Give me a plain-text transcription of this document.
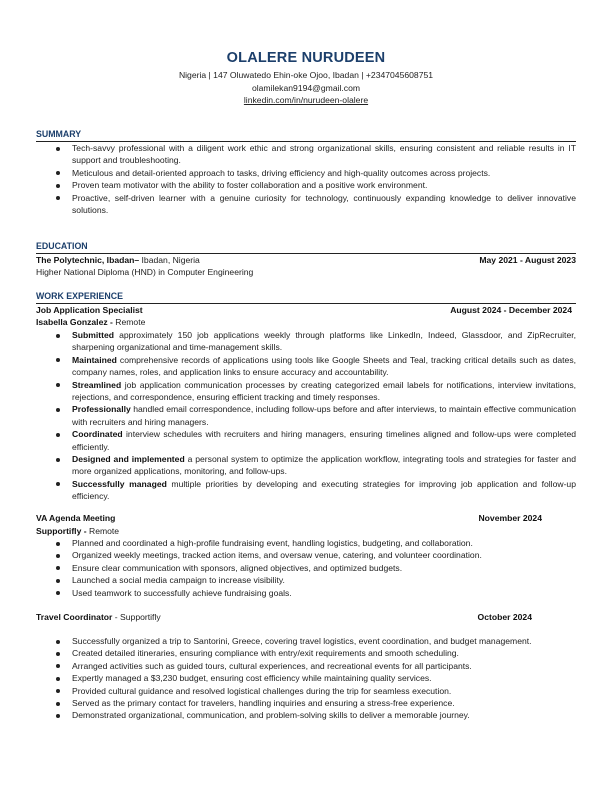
OLALERE NURUDEEN
Nigeria | 147 Oluwatedo Ehin-oke Ojoo, Ibadan | +2347045608751
olamilekan9194@gmail.com
linkedin.com/in/nurudeen-olalere
SUMMARY
Tech-savvy professional with a diligent work ethic and strong organizational skills, ensuring consistent and reliable results in IT support and troubleshooting.
Meticulous and detail-oriented approach to tasks, driving efficiency and high-quality outcomes across projects.
Proven team motivator with the ability to foster collaboration and a positive work environment.
Proactive, self-driven learner with a genuine curiosity for technology, continuously expanding knowledge to deliver innovative solutions.
EDUCATION
The Polytechnic, Ibadan– Ibadan, Nigeria	May 2021 - August 2023
Higher National Diploma (HND) in Computer Engineering
WORK EXPERIENCE
Job Application Specialist	August 2024 - December 2024
Isabella Gonzalez - Remote
Submitted approximately 150 job applications weekly through platforms like LinkedIn, Indeed, Glassdoor, and ZipRecruiter, sharpening organizational and time-management skills.
Maintained comprehensive records of applications using tools like Google Sheets and Teal, tracking critical details such as dates, company names, roles, and application links to ensure accuracy and accountability.
Streamlined job application communication processes by creating categorized email labels for notifications, interview invitations, rejections, and correspondence, ensuring efficient tracking and timely responses.
Professionally handled email correspondence, including follow-ups before and after interviews, to maintain effective communication with recruiters and hiring managers.
Coordinated interview schedules with recruiters and hiring managers, ensuring timelines aligned and follow-ups were completed efficiently.
Designed and implemented a personal system to optimize the application workflow, integrating tools and strategies for faster and more organized applications, monitoring, and follow-ups.
Successfully managed multiple priorities by developing and executing strategies for improving job application and follow-up efficiency.
VA Agenda Meeting	November 2024
Supportifly - Remote
Planned and coordinated a high-profile fundraising event, handling logistics, budgeting, and collaboration.
Organized weekly meetings, tracked action items, and oversaw venue, catering, and volunteer coordination.
Ensure clear communication with sponsors, aligned objectives, and optimized budgets.
Launched a social media campaign to increase visibility.
Used teamwork to successfully achieve fundraising goals.
Travel Coordinator - Supportifly	October 2024
Successfully organized a trip to Santorini, Greece, covering travel logistics, event coordination, and budget management.
Created detailed itineraries, ensuring compliance with entry/exit requirements and smooth scheduling.
Arranged activities such as guided tours, cultural experiences, and recreational events for all participants.
Expertly managed a $3,230 budget, ensuring cost efficiency while maintaining quality services.
Provided cultural guidance and resolved logistical challenges during the trip for seamless execution.
Served as the primary contact for travelers, handling inquiries and ensuring a stress-free experience.
Demonstrated organizational, communication, and problem-solving skills to deliver a memorable journey.
